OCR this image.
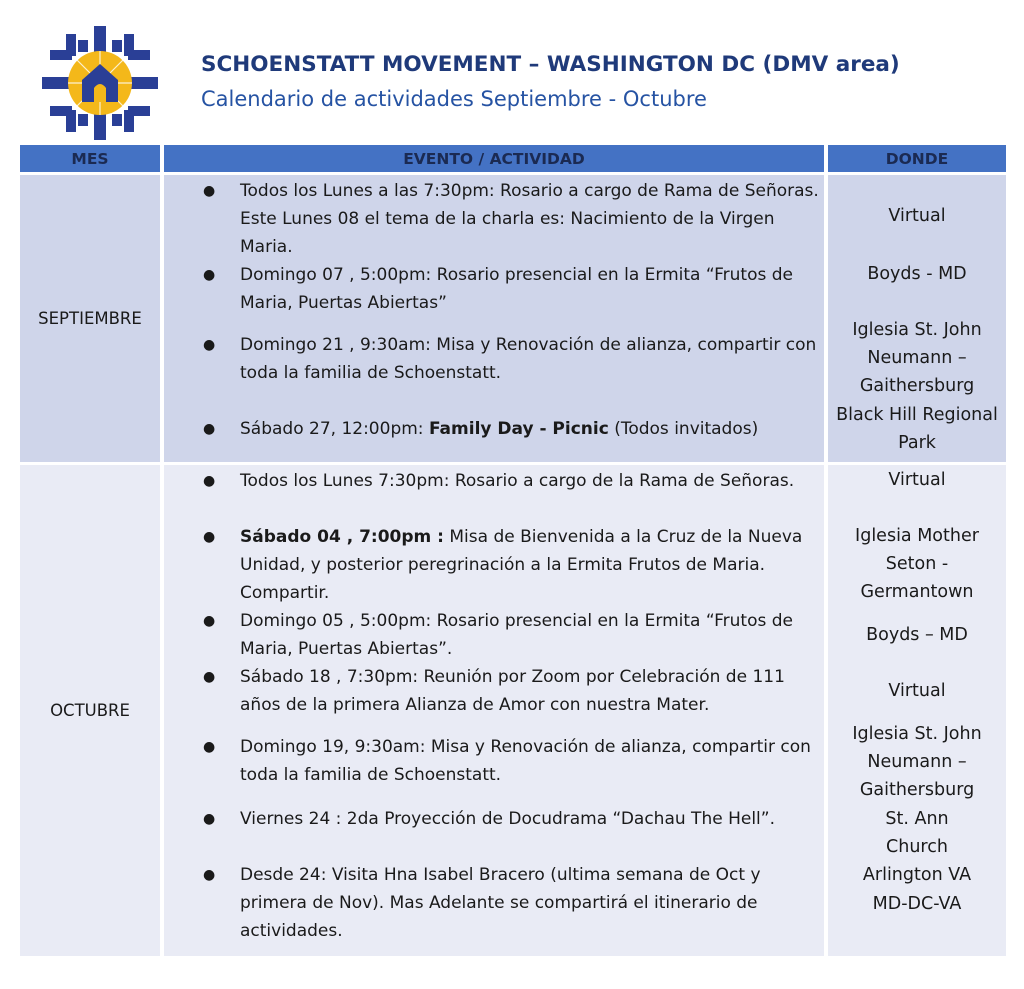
SCHOENSTATT MOVEMENT – WASHINGTON DC (DMV area)
Calendario de actividades Septiembre - Octubre
MES	EVENTO / ACTIVIDAD	DONDE
SEPTIEMBRE
● Todos los Lunes a las 7:30pm: Rosario a cargo de Rama de Señoras. Este Lunes 08 el tema de la charla es: Nacimiento de la Virgen Maria.
● Domingo 07 , 5:00pm: Rosario presencial en la Ermita “Frutos de Maria, Puertas Abiertas”
● Domingo 21 , 9:30am: Misa y Renovación de alianza, compartir con toda la familia de Schoenstatt.
● Sábado 27, 12:00pm: Family Day - Picnic (Todos invitados)
Virtual
Boyds - MD
Iglesia St. John Neumann – Gaithersburg
Black Hill Regional Park
OCTUBRE
● Todos los Lunes 7:30pm: Rosario a cargo de la Rama de Señoras.
● Sábado 04 , 7:00pm : Misa de Bienvenida a la Cruz de la Nueva Unidad, y posterior peregrinación a la Ermita Frutos de Maria. Compartir.
● Domingo 05 , 5:00pm: Rosario presencial en la Ermita “Frutos de Maria, Puertas Abiertas”.
● Sábado 18 , 7:30pm: Reunión por Zoom por Celebración de 111 años de la primera Alianza de Amor con nuestra Mater.
● Domingo 19, 9:30am: Misa y Renovación de alianza, compartir con toda la familia de Schoenstatt.
● Viernes 24 : 2da Proyección de Docudrama “Dachau The Hell”.
● Desde 24: Visita Hna Isabel Bracero (ultima semana de Oct y primera de Nov). Mas Adelante se compartirá el itinerario de actividades.
Virtual
Iglesia Mother Seton - Germantown
Boyds – MD
Virtual
Iglesia St. John Neumann – Gaithersburg
St. Ann Church Arlington VA
MD-DC-VA
